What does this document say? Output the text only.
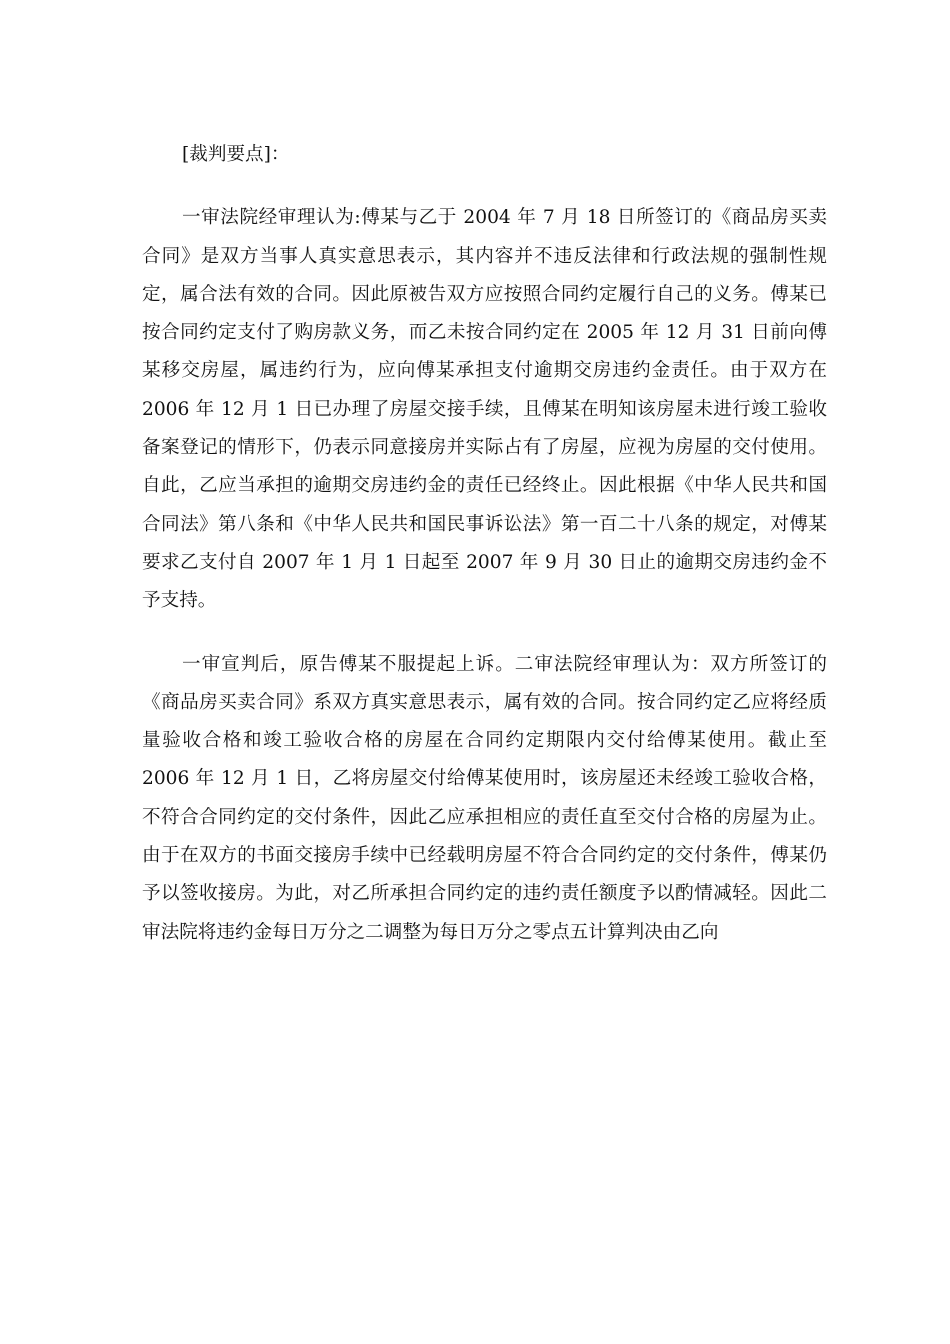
[裁判要点]：

一审法院经审理认为:傅某与乙于 2004 年 7 月 18 日所签订的《商品房买卖合同》是双方当事人真实意思表示，其内容并不违反法律和行政法规的强制性规定，属合法有效的合同。因此原被告双方应按照合同约定履行自己的义务。傅某已按合同约定支付了购房款义务，而乙未按合同约定在 2005 年 12 月 31 日前向傅某移交房屋，属违约行为，应向傅某承担支付逾期交房违约金责任。由于双方在 2006 年 12 月 1 日已办理了房屋交接手续，且傅某在明知该房屋未进行竣工验收备案登记的情形下，仍表示同意接房并实际占有了房屋，应视为房屋的交付使用。自此，乙应当承担的逾期交房违约金的责任已经终止。因此根据《中华人民共和国合同法》第八条和《中华人民共和国民事诉讼法》第一百二十八条的规定，对傅某要求乙支付自 2007 年 1 月 1 日起至 2007 年 9 月 30 日止的逾期交房违约金不予支持。

一审宣判后，原告傅某不服提起上诉。二审法院经审理认为：双方所签订的《商品房买卖合同》系双方真实意思表示，属有效的合同。按合同约定乙应将经质量验收合格和竣工验收合格的房屋在合同约定期限内交付给傅某使用。截止至 2006 年 12 月 1 日，乙将房屋交付给傅某使用时，该房屋还未经竣工验收合格，不符合合同约定的交付条件，因此乙应承担相应的责任直至交付合格的房屋为止。由于在双方的书面交接房手续中已经载明房屋不符合合同约定的交付条件，傅某仍予以签收接房。为此，对乙所承担合同约定的违约责任额度予以酌情减轻。因此二审法院将违约金每日万分之二调整为每日万分之零点五计算判决由乙向
